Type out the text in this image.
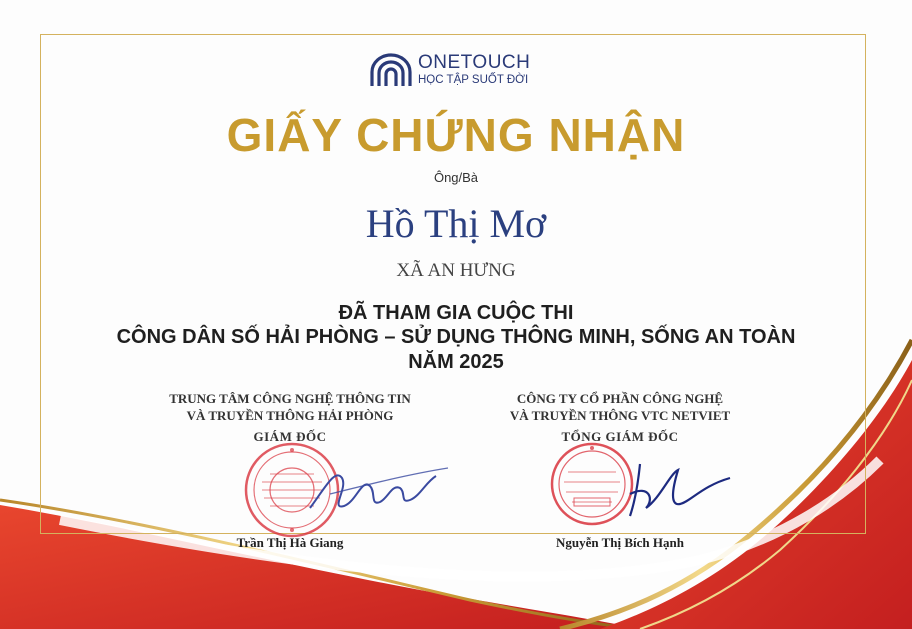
ONETOUCH
HỌC TẬP SUỐT ĐỜI
GIẤY CHỨNG NHẬN
Ông/Bà
Hồ Thị Mơ
XÃ AN HƯNG
ĐÃ THAM GIA CUỘC THI
CÔNG DÂN SỐ HẢI PHÒNG – SỬ DỤNG THÔNG MINH, SỐNG AN TOÀN
NĂM 2025
TRUNG TÂM CÔNG NGHỆ THÔNG TIN
VÀ TRUYỀN THÔNG HẢI PHÒNG
CÔNG TY CỔ PHẦN CÔNG NGHỆ
VÀ TRUYỀN THÔNG VTC NETVIET
GIÁM ĐỐC	TỔNG GIÁM ĐỐC
Trần Thị Hà Giang	Nguyễn Thị Bích Hạnh
